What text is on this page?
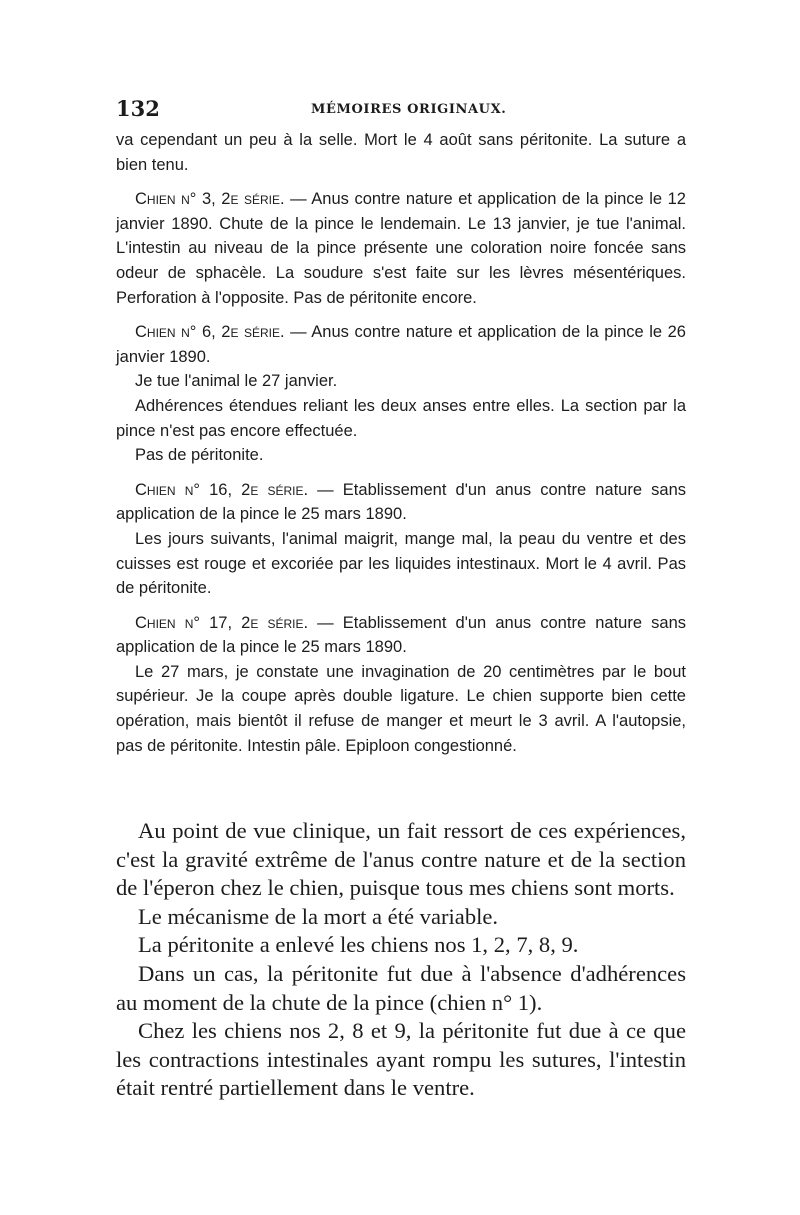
132	MÉMOIRES ORIGINAUX.

va cependant un peu à la selle. Mort le 4 août sans péritonite. La suture a bien tenu.

Chien n° 3, 2e série. — Anus contre nature et application de la pince le 12 janvier 1890. Chute de la pince le lendemain. Le 13 janvier, je tue l'animal. L'intestin au niveau de la pince présente une coloration noire foncée sans odeur de sphacèle. La soudure s'est faite sur les lèvres mésentériques. Perforation à l'opposite. Pas de péritonite encore.

Chien n° 6, 2e série. — Anus contre nature et application de la pince le 26 janvier 1890.

Je tue l'animal le 27 janvier.

Adhérences étendues reliant les deux anses entre elles. La section par la pince n'est pas encore effectuée.

Pas de péritonite.

Chien n° 16, 2e série. — Etablissement d'un anus contre nature sans application de la pince le 25 mars 1890.

Les jours suivants, l'animal maigrit, mange mal, la peau du ventre et des cuisses est rouge et excoriée par les liquides intestinaux. Mort le 4 avril. Pas de péritonite.

Chien n° 17, 2e série. — Etablissement d'un anus contre nature sans application de la pince le 25 mars 1890.

Le 27 mars, je constate une invagination de 20 centimètres par le bout supérieur. Je la coupe après double ligature. Le chien supporte bien cette opération, mais bientôt il refuse de manger et meurt le 3 avril. A l'autopsie, pas de péritonite. Intestin pâle. Epiploon congestionné.

Au point de vue clinique, un fait ressort de ces expériences, c'est la gravité extrême de l'anus contre nature et de la section de l'éperon chez le chien, puisque tous mes chiens sont morts.

Le mécanisme de la mort a été variable.

La péritonite a enlevé les chiens nos 1, 2, 7, 8, 9.

Dans un cas, la péritonite fut due à l'absence d'adhérences au moment de la chute de la pince (chien n° 1).

Chez les chiens nos 2, 8 et 9, la péritonite fut due à ce que les contractions intestinales ayant rompu les sutures, l'intestin était rentré partiellement dans le ventre.
